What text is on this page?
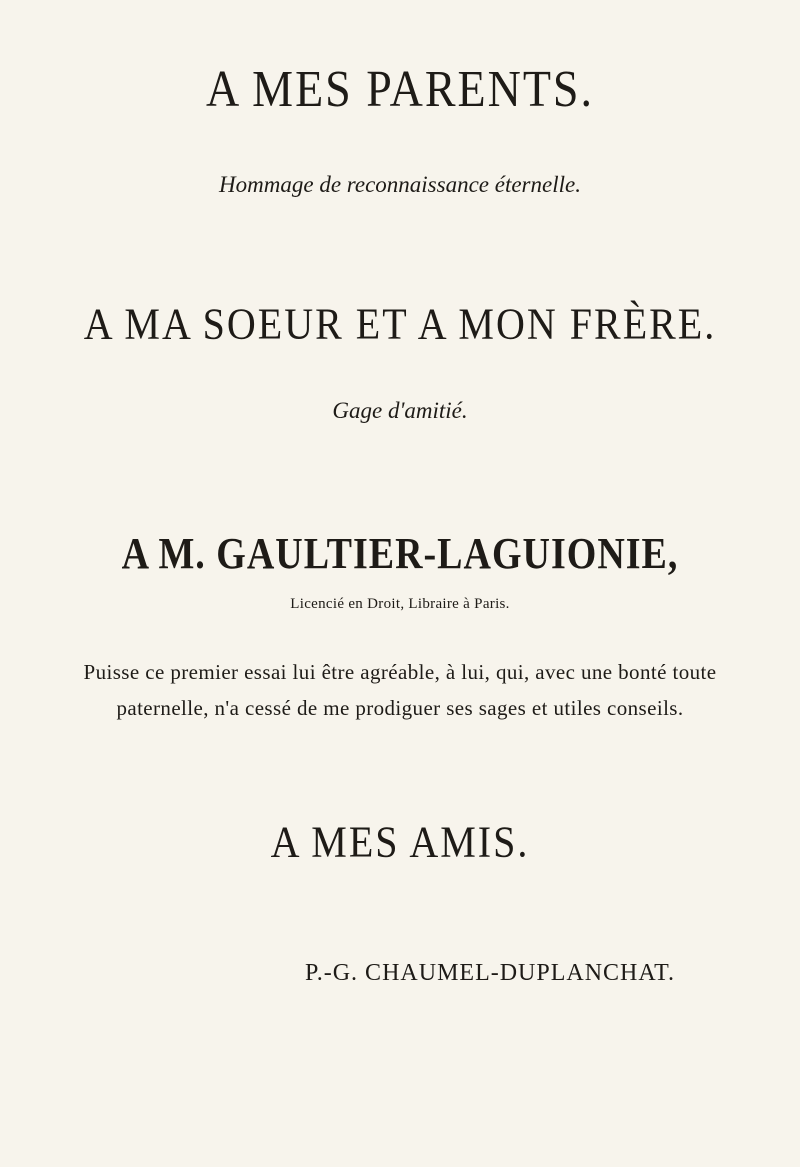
A MES PARENTS.
Hommage de reconnaissance éternelle.
A MA SOEUR ET A MON FRÈRE.
Gage d'amitié.
A M. GAULTIER-LAGUIONIE,
Licencié en Droit, Libraire à Paris.
Puisse ce premier essai lui être agréable, à lui, qui, avec une bonté toute
paternelle, n'a cessé de me prodiguer ses sages et utiles conseils.
A MES AMIS.
P.-G. CHAUMEL-DUPLANCHAT.
